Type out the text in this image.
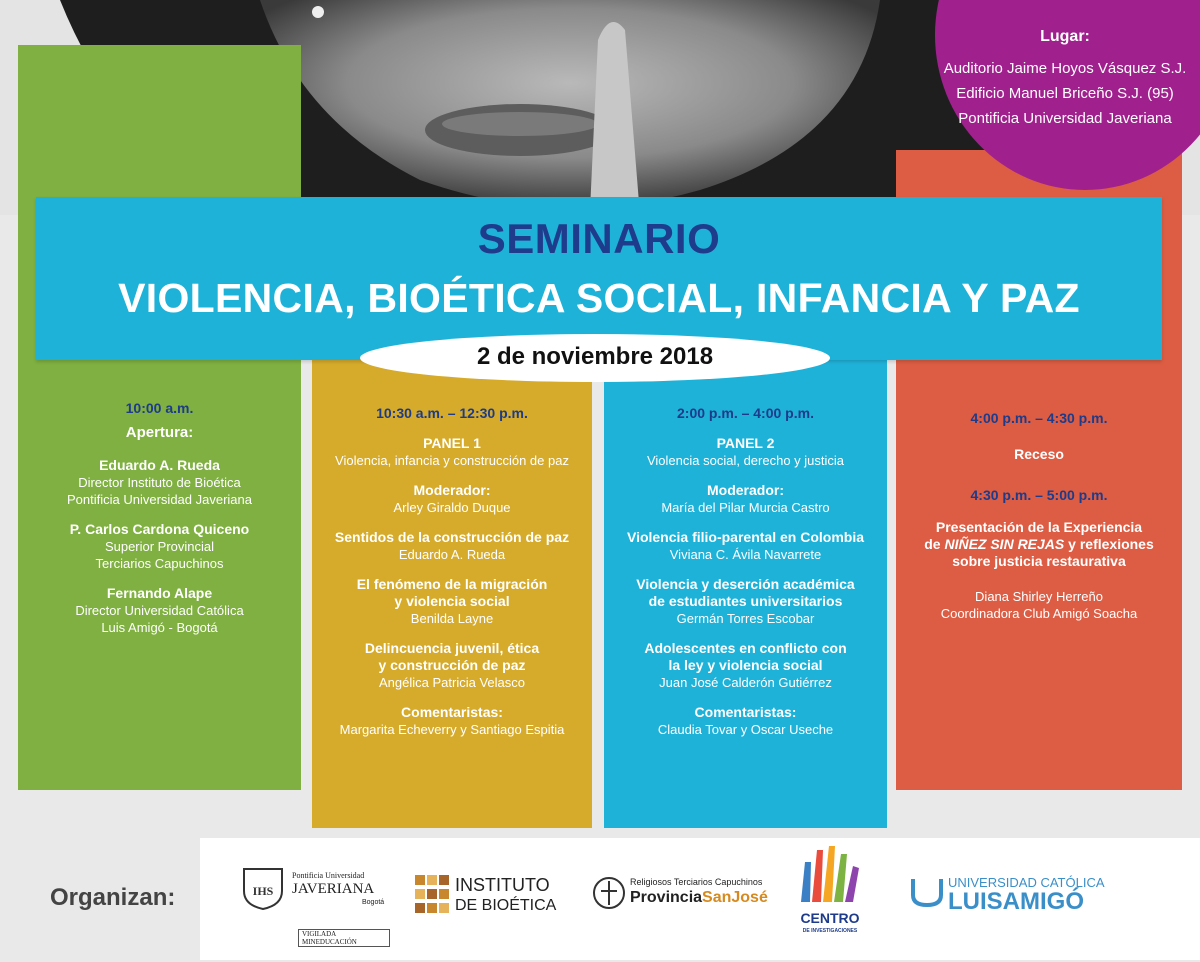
10:00 a.m.
Apertura:
Eduardo A. Rueda
Director Instituto de Bioética
Pontificia Universidad Javeriana
P. Carlos Cardona Quiceno
Superior Provincial
Terciarios Capuchinos
Fernando Alape
Director Universidad Católica
Luis Amigó - Bogotá
10:30 a.m. – 12:30 p.m.
PANEL 1
Violencia, infancia y construcción de paz
Moderador:
Arley Giraldo Duque
Sentidos de la construcción de paz
Eduardo A. Rueda
El fenómeno de la migración
y violencia social
Benilda Layne
Delincuencia juvenil, ética
y construcción de paz
Angélica Patricia Velasco
Comentaristas:
Margarita Echeverry y Santiago Espitia
2:00 p.m. – 4:00 p.m.
PANEL 2
Violencia social, derecho y justicia
Moderador:
María del Pilar Murcia Castro
Violencia filio-parental en Colombia
Viviana C. Ávila Navarrete
Violencia y deserción académica
de estudiantes universitarios
Germán Torres Escobar
Adolescentes en conflicto con
la ley y violencia social
Juan José Calderón Gutiérrez
Comentaristas:
Claudia Tovar y Oscar Useche
4:00 p.m. – 4:30 p.m.
Receso
4:30 p.m. – 5:00 p.m.
Presentación de la Experiencia
de NIÑEZ SIN REJAS y reflexiones
sobre justicia restaurativa
Diana Shirley Herreño
Coordinadora Club Amigó Soacha
SEMINARIO
VIOLENCIA, BIOÉTICA SOCIAL, INFANCIA Y PAZ
2 de noviembre 2018
Lugar:
Auditorio Jaime Hoyos Vásquez S.J.
Edificio Manuel Briceño S.J. (95)
Pontificia Universidad Javeriana
Organizan:	IHS
Pontificia Universidad
JAVERIANA
Bogotá
VIGILADA MINEDUCACIÓN
INSTITUTO
DE BIOÉTICA
Religiosos Terciarios Capuchinos
ProvinciaSanJosé
CENTRO
DE INVESTIGACIONES
UNIVERSIDAD CATÓLICA
LUISAMIGÓ
